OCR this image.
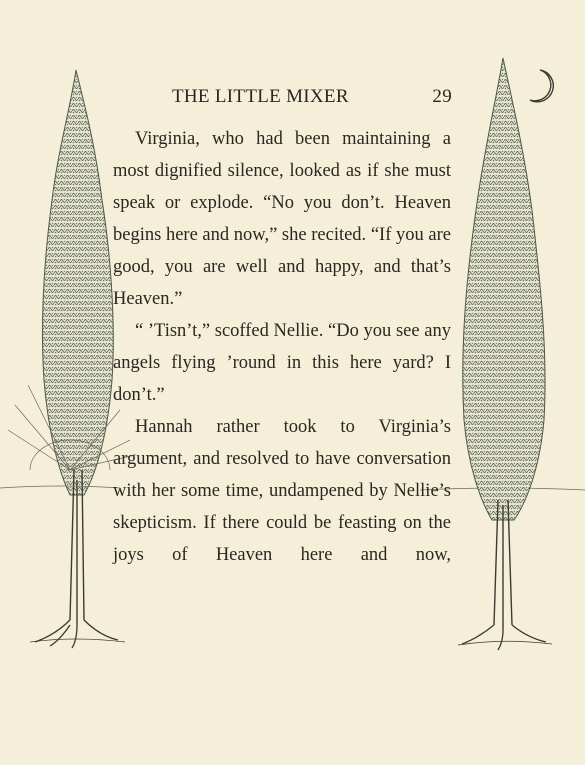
THE LITTLE MIXER	29

Virginia, who had been maintaining a most dignified silence, looked as if she must speak or explode. “No you don’t. Heaven begins here and now,” she recited. “If you are good, you are well and happy, and that’s Heaven.”

“ ’Tisn’t,” scoffed Nellie. “Do you see any angels flying ’round in this here yard? I don’t.”

Hannah rather took to Virginia’s argument, and resolved to have conversation with her some time, undampened by Nellie’s skepticism. If there could be feasting on the joys of Heaven here and now,
